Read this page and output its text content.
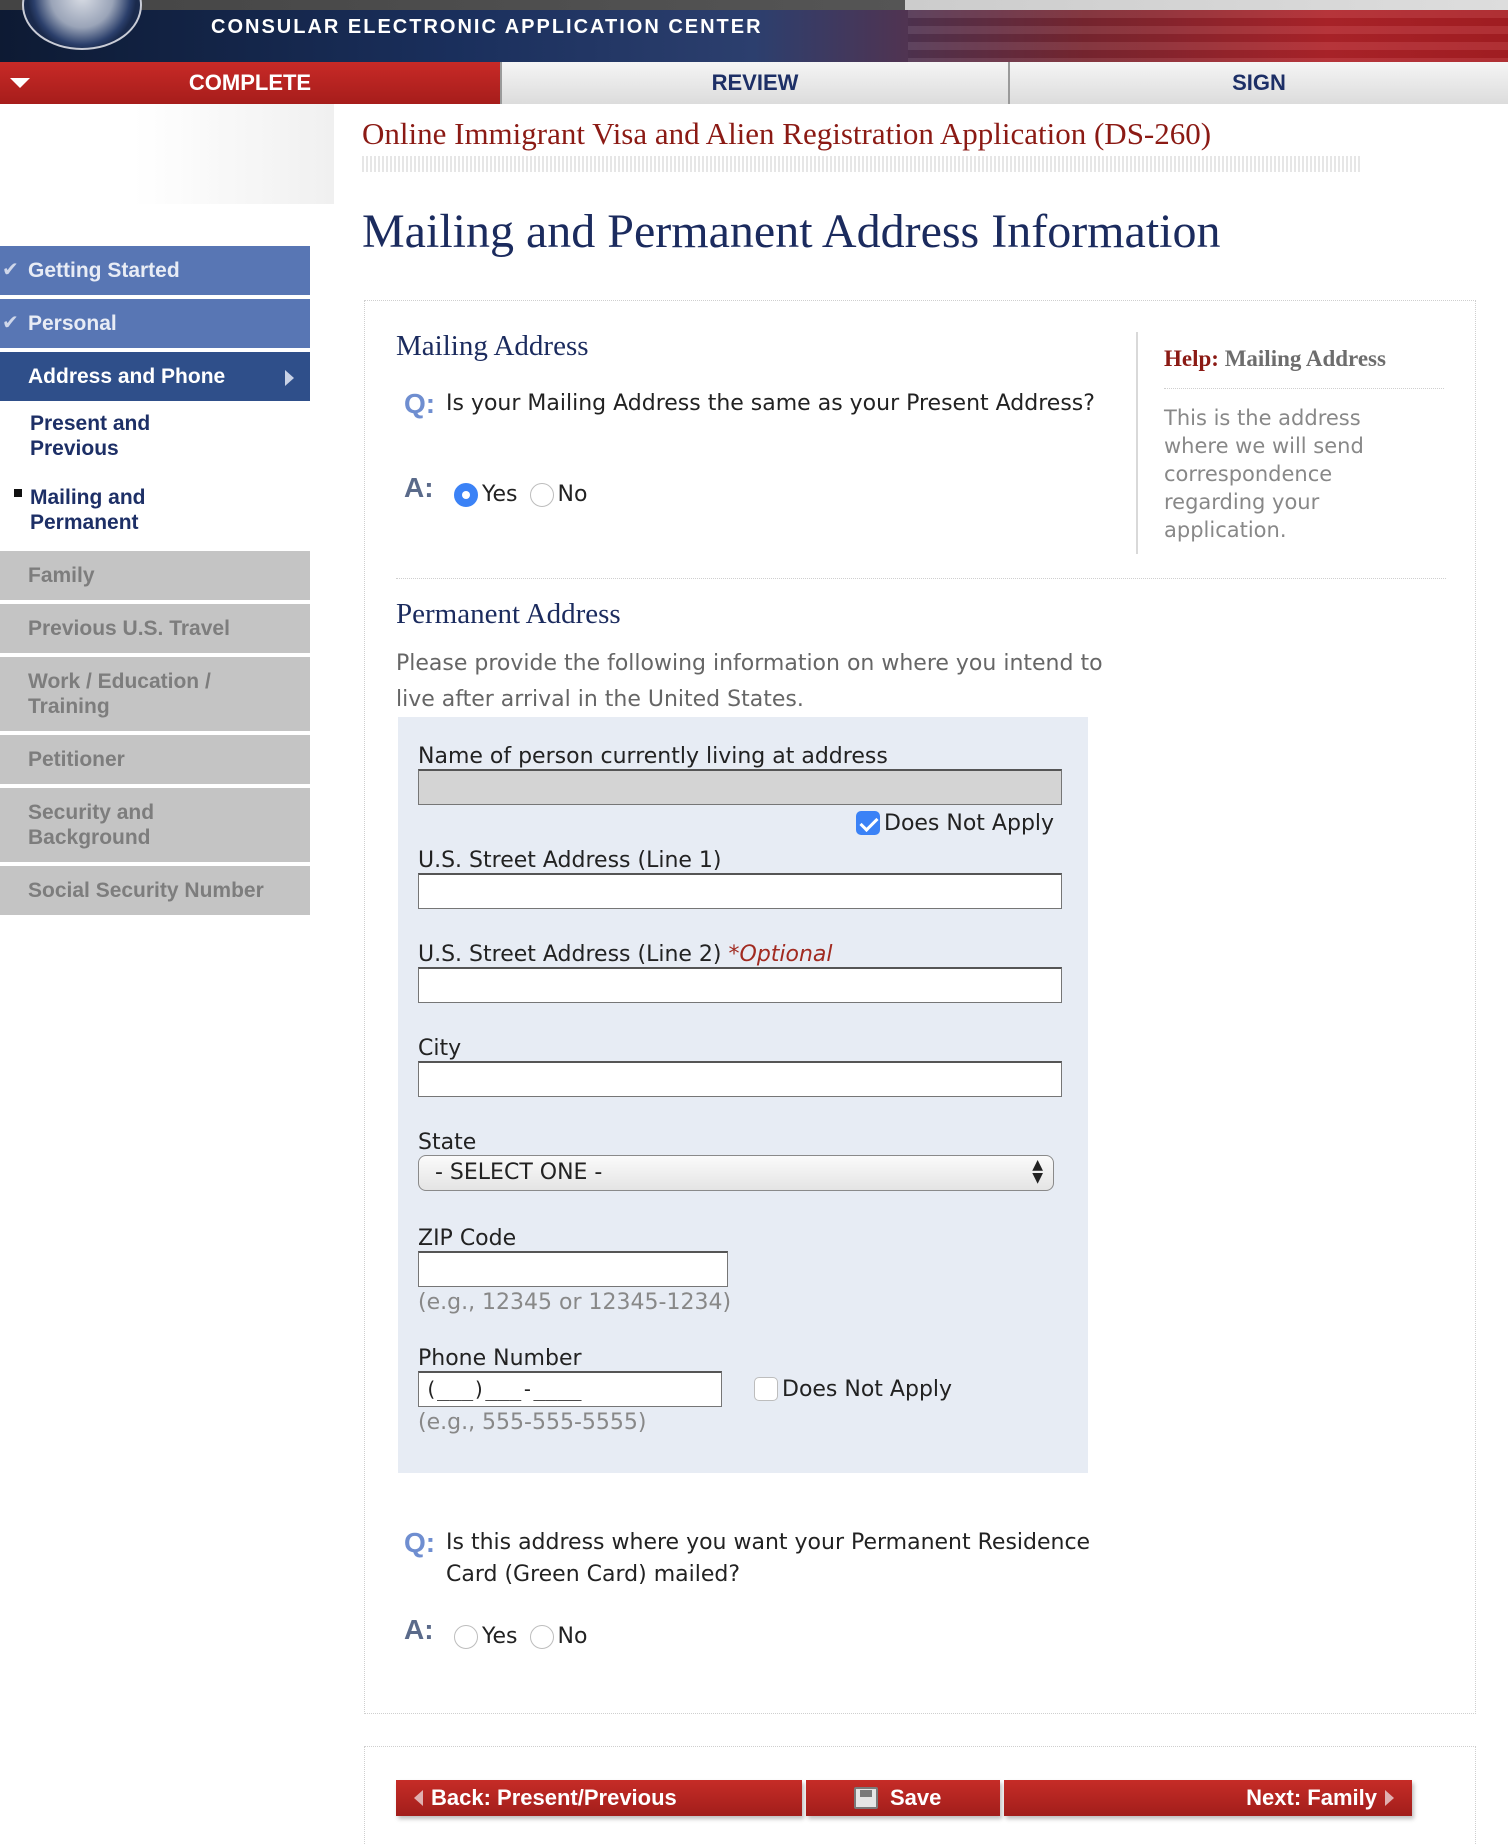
CONSULAR ELECTRONIC APPLICATION CENTER
COMPLETE	REVIEW	SIGN
✔ Getting Started
✔ Personal
Address and Phone
Present and Previous
Mailing and Permanent
Family
Previous U.S. Travel
Work / Education / Training
Petitioner
Security and Background
Social Security Number
Online Immigrant Visa and Alien Registration Application (DS-260)
Mailing and Permanent Address Information
Mailing Address
Q: Is your Mailing Address the same as your Present Address?
A: Yes No
Help: Mailing Address
This is the address where we will send correspondence regarding your application.
Permanent Address
Please provide the following information on where you intend to live after arrival in the United States.
Name of person currently living at address
Does Not Apply
U.S. Street Address (Line 1)
U.S. Street Address (Line 2) *Optional
City
State
- SELECT ONE -	▲
▼
ZIP Code
(e.g., 12345 or 12345-1234)
Phone Number
(___)___-____	Does Not Apply
(e.g., 555-555-5555)
Q: Is this address where you want your Permanent Residence Card (Green Card) mailed?
A: Yes No
Back: Present/Previous	Save	Next: Family
